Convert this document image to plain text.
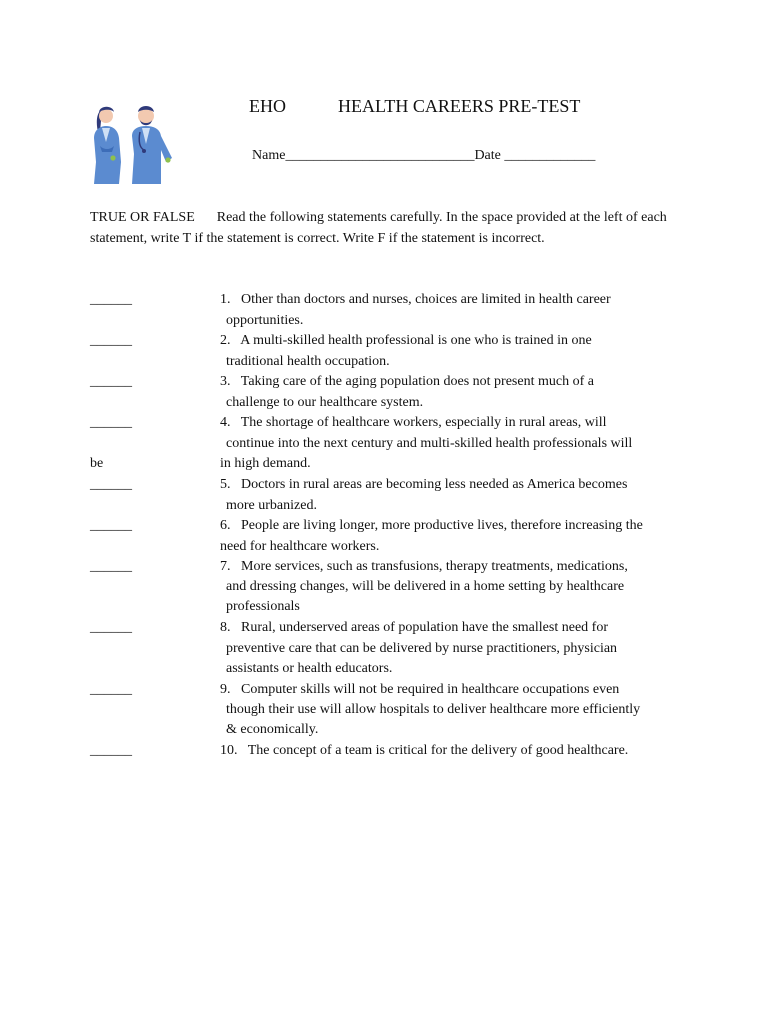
EHO	HEALTH CAREERS PRE-TEST
Name___________________________Date _____________
TRUE OR FALSE Read the following statements carefully. In the space provided at the left of each statement, write T if the statement is correct. Write F if the statement is incorrect.
______	1. Other than doctors and nurses, choices are limited in health career
opportunities.
______	2. A multi-skilled health professional is one who is trained in one
traditional health occupation.
______	3. Taking care of the aging population does not present much of a
challenge to our healthcare system.
______	4. The shortage of healthcare workers, especially in rural areas, will
continue into the next century and multi-skilled health professionals will
in high demand.
______	5. Doctors in rural areas are becoming less needed as America becomes
more urbanized.
______	6. People are living longer, more productive lives, therefore increasing the
need for healthcare workers.
______	7. More services, such as transfusions, therapy treatments, medications,
and dressing changes, will be delivered in a home setting by healthcare
professionals
______	8. Rural, underserved areas of population have the smallest need for
preventive care that can be delivered by nurse practitioners, physician
assistants or health educators.
______	9. Computer skills will not be required in healthcare occupations even
though their use will allow hospitals to deliver healthcare more efficiently
& economically.
______	10. The concept of a team is critical for the delivery of good healthcare.
be
